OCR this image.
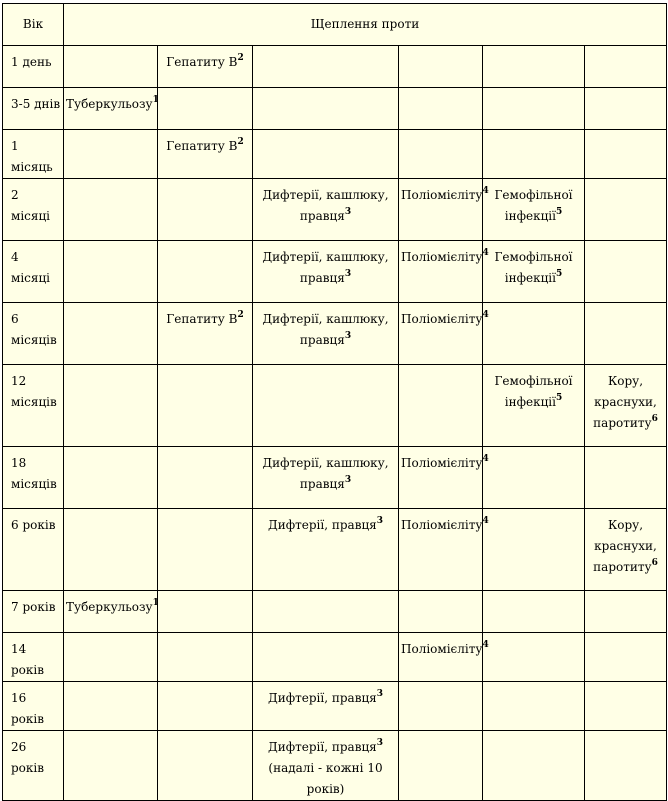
Вік	Щеплення проти					
1 день		Гепатиту $В^2$				
3-5 днів	Туберкульозу$^1$					
1 місяць		Гепатиту $В^2$				
2 місяці			Дифтерії, кашлюку, правця$^3$	Поліомієліту$^4$	Гемофільної інфекції$^5$	
4 місяці			Дифтерії, кашлюку, правця$^3$	Поліомієліту$^4$	Гемофільної інфекції$^5$	
6 місяців		Гепатиту $В^2$	Дифтерії, кашлюку, правця$^3$	Поліомієліту$^4$		
12 місяців					Гемофільної інфекції$^5$	Кору, краснухи, паротиту$^6$
18 місяців			Дифтерії, кашлюку, правця$^3$	Поліомієліту$^4$		
6 років			Дифтерії, правця$^3$	Поліомієліту$^4$		Кору, краснухи, паротиту$^6$
7 років	Туберкульозу$^1$					
14 років				Поліомієліту$^4$		
16 років			Дифтерії, правця$^3$			
26 років			Дифтерії, правця$^3$
(надалі - кожні 10 років)			
